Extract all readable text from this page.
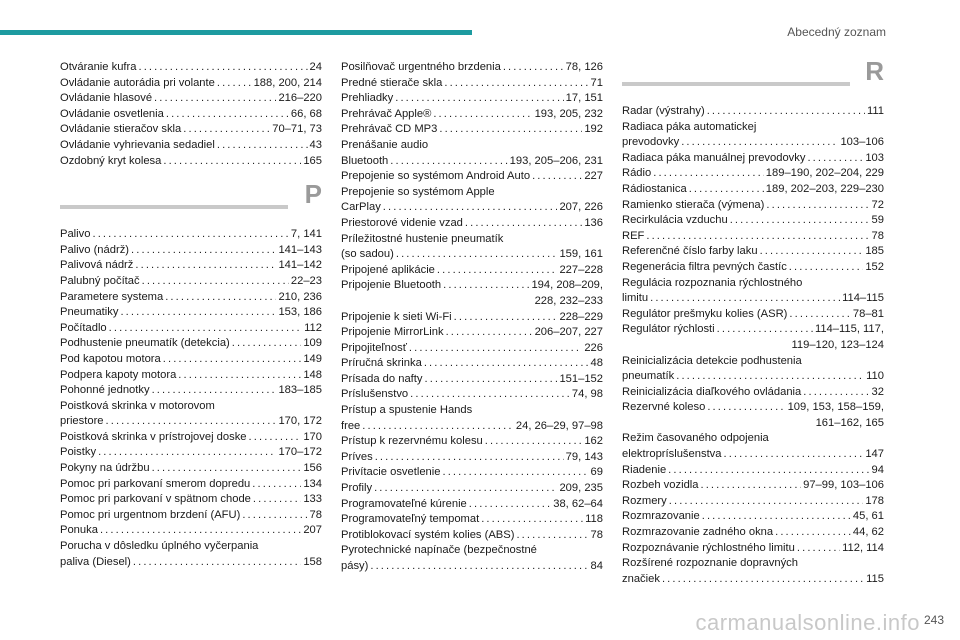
Abecedný zoznam
Otváranie kufra . . .	24
Ovládanie autorádia pri volante . . .	188, 200, 214
Ovládanie hlasové . . .	216–220
Ovládanie osvetlenia . . .	66, 68
Ovládanie stieračov skla . . .	70–71, 73
Ovládanie vyhrievania sedadiel . . .	43
Ozdobný kryt kolesa . . .	165
P
Palivo . . .	7, 141
Palivo (nádrž) . . .	141–143
Palivová nádrž . . .	141–142
Palubný počítač . . .	22–23
Parametere systema . . .	210, 236
Pneumatiky . . .	153, 186
Počítadlo . . .	112
Podhustenie pneumatík (detekcia) . . .	109
Pod kapotou motora . . .	149
Podpera kapoty motora . . .	148
Pohonné jednotky . . .	183–185
Poistková skrinka v motorovom
priestore . . .	170, 172
Poistková skrinka v prístrojovej doske . . .	170
Poistky . . .	170–172
Pokyny na údržbu . . .	156
Pomoc pri parkovaní smerom dopredu . . .	134
Pomoc pri parkovaní v spätnom chode . . .	133
Pomoc pri urgentnom brzdení (AFU) . . .	78
Ponuka . . .	207
Porucha v dôsledku úplného vyčerpania
paliva (Diesel) . . .	158
Posilňovač urgentného brzdenia . . .	78, 126
Predné stierače skla . . .	71
Prehliadky . . .	17, 151
Prehrávač Apple® . . .	193, 205, 232
Prehrávač CD MP3 . . .	192
Prenášanie audio
Bluetooth . . .	193, 205–206, 231
Prepojenie so systémom Android Auto . . .	227
Prepojenie so systémom Apple
CarPlay . . .	207, 226
Priestorové videnie vzad . . .	136
Príležitostné hustenie pneumatík
(so sadou) . . .	159, 161
Pripojené aplikácie . . .	227–228
Pripojenie Bluetooth . . .	194, 208–209,
228, 232–233
Pripojenie k sieti Wi-Fi . . .	228–229
Pripojenie MirrorLink . . .	206–207, 227
Pripojiteľnosť . . .	226
Príručná skrinka . . .	48
Prísada do nafty . . .	151–152
Príslušenstvo . . .	74, 98
Prístup a spustenie Hands
free . . .	24, 26–29, 97–98
Prístup k rezervnému kolesu . . .	162
Príves . . .	79, 143
Privítacie osvetlenie . . .	69
Profily . . .	209, 235
Programovateľné kúrenie . . .	38, 62–64
Programovateľný tempomat . . .	118
Protiblokovací systém kolies (ABS) . . .	78
Pyrotechnické napínače (bezpečnostné
pásy) . . .	84
R
Radar (výstrahy) . . .	111
Radiaca páka automatickej
prevodovky . . .	103–106
Radiaca páka manuálnej prevodovky . . .	103
Rádio . . .	189–190, 202–204, 229
Rádiostanica . . .	189, 202–203, 229–230
Ramienko stierača (výmena) . . .	72
Recirkulácia vzduchu . . .	59
REF . . .	78
Referenčné číslo farby laku . . .	185
Regenerácia filtra pevných častíc . . .	152
Regulácia rozpoznania rýchlostného
limitu . . .	114–115
Regulátor prešmyku kolies (ASR) . . .	78–81
Regulátor rýchlosti . . .	114–115, 117,
119–120, 123–124
Reinicializácia detekcie podhustenia
pneumatík . . .	110
Reinicializácia diaľkového ovládania . . .	32
Rezervné koleso . . .	109, 153, 158–159,
161–162, 165
Režim časovaného odpojenia
elektropríslušenstva . . .	147
Riadenie . . .	94
Rozbeh vozidla . . .	97–99, 103–106
Rozmery . . .	178
Rozmrazovanie . . .	45, 61
Rozmrazovanie zadného okna . . .	44, 62
Rozpoznávanie rýchlostného limitu . . .	112, 114
Rozšírené rozpoznanie dopravných
značiek . . .	115
carmanualsonline.info 243
